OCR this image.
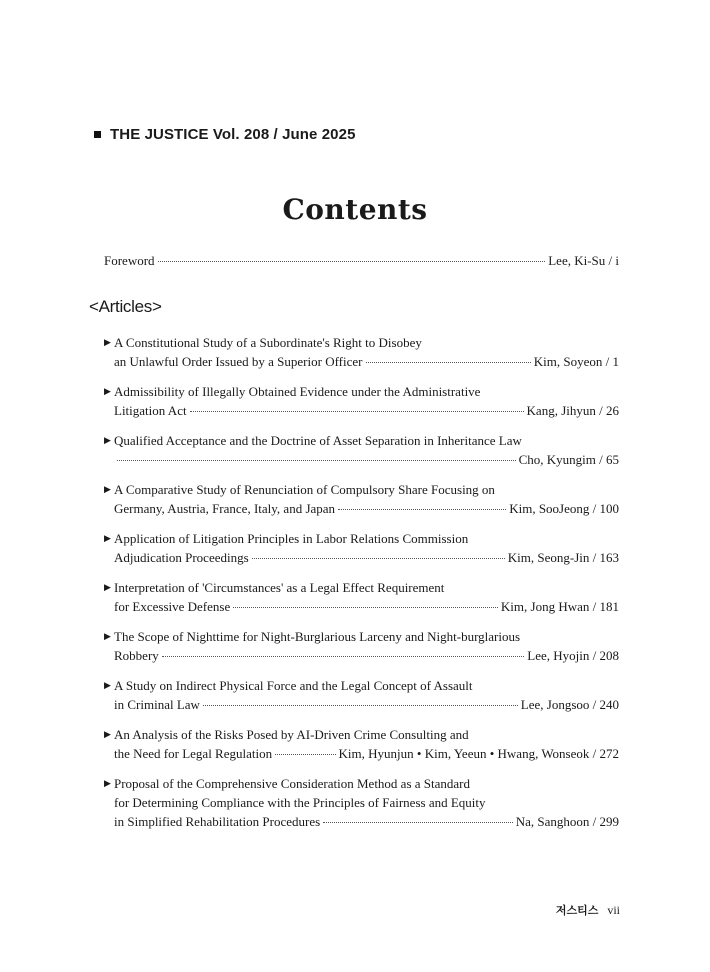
THE JUSTICE Vol. 208 / June 2025
Contents
Foreword	Lee, Ki-Su / i
<Articles>
▶ A Constitutional Study of a Subordinate's Right to Disobey
an Unlawful Order Issued by a Superior Officer	Kim, Soyeon / 1
▶ Admissibility of Illegally Obtained Evidence under the Administrative
Litigation Act	Kang, Jihyun / 26
▶ Qualified Acceptance and the Doctrine of Asset Separation in Inheritance Law
Cho, Kyungim / 65
▶ A Comparative Study of Renunciation of Compulsory Share Focusing on
Germany, Austria, France, Italy, and Japan	Kim, SooJeong / 100
▶ Application of Litigation Principles in Labor Relations Commission
Adjudication Proceedings	Kim, Seong-Jin / 163
▶ Interpretation of 'Circumstances' as a Legal Effect Requirement
for Excessive Defense	Kim, Jong Hwan / 181
▶ The Scope of Nighttime for Night-Burglarious Larceny and Night-burglarious
Robbery	Lee, Hyojin / 208
▶ A Study on Indirect Physical Force and the Legal Concept of Assault
in Criminal Law	Lee, Jongsoo / 240
▶ An Analysis of the Risks Posed by AI-Driven Crime Consulting and
the Need for Legal Regulation	Kim, Hyunjun • Kim, Yeeun • Hwang, Wonseok / 272
▶ Proposal of the Comprehensive Consideration Method as a Standard
for Determining Compliance with the Principles of Fairness and Equity
in Simplified Rehabilitation Procedures	Na, Sanghoon / 299
저스티스 vii
